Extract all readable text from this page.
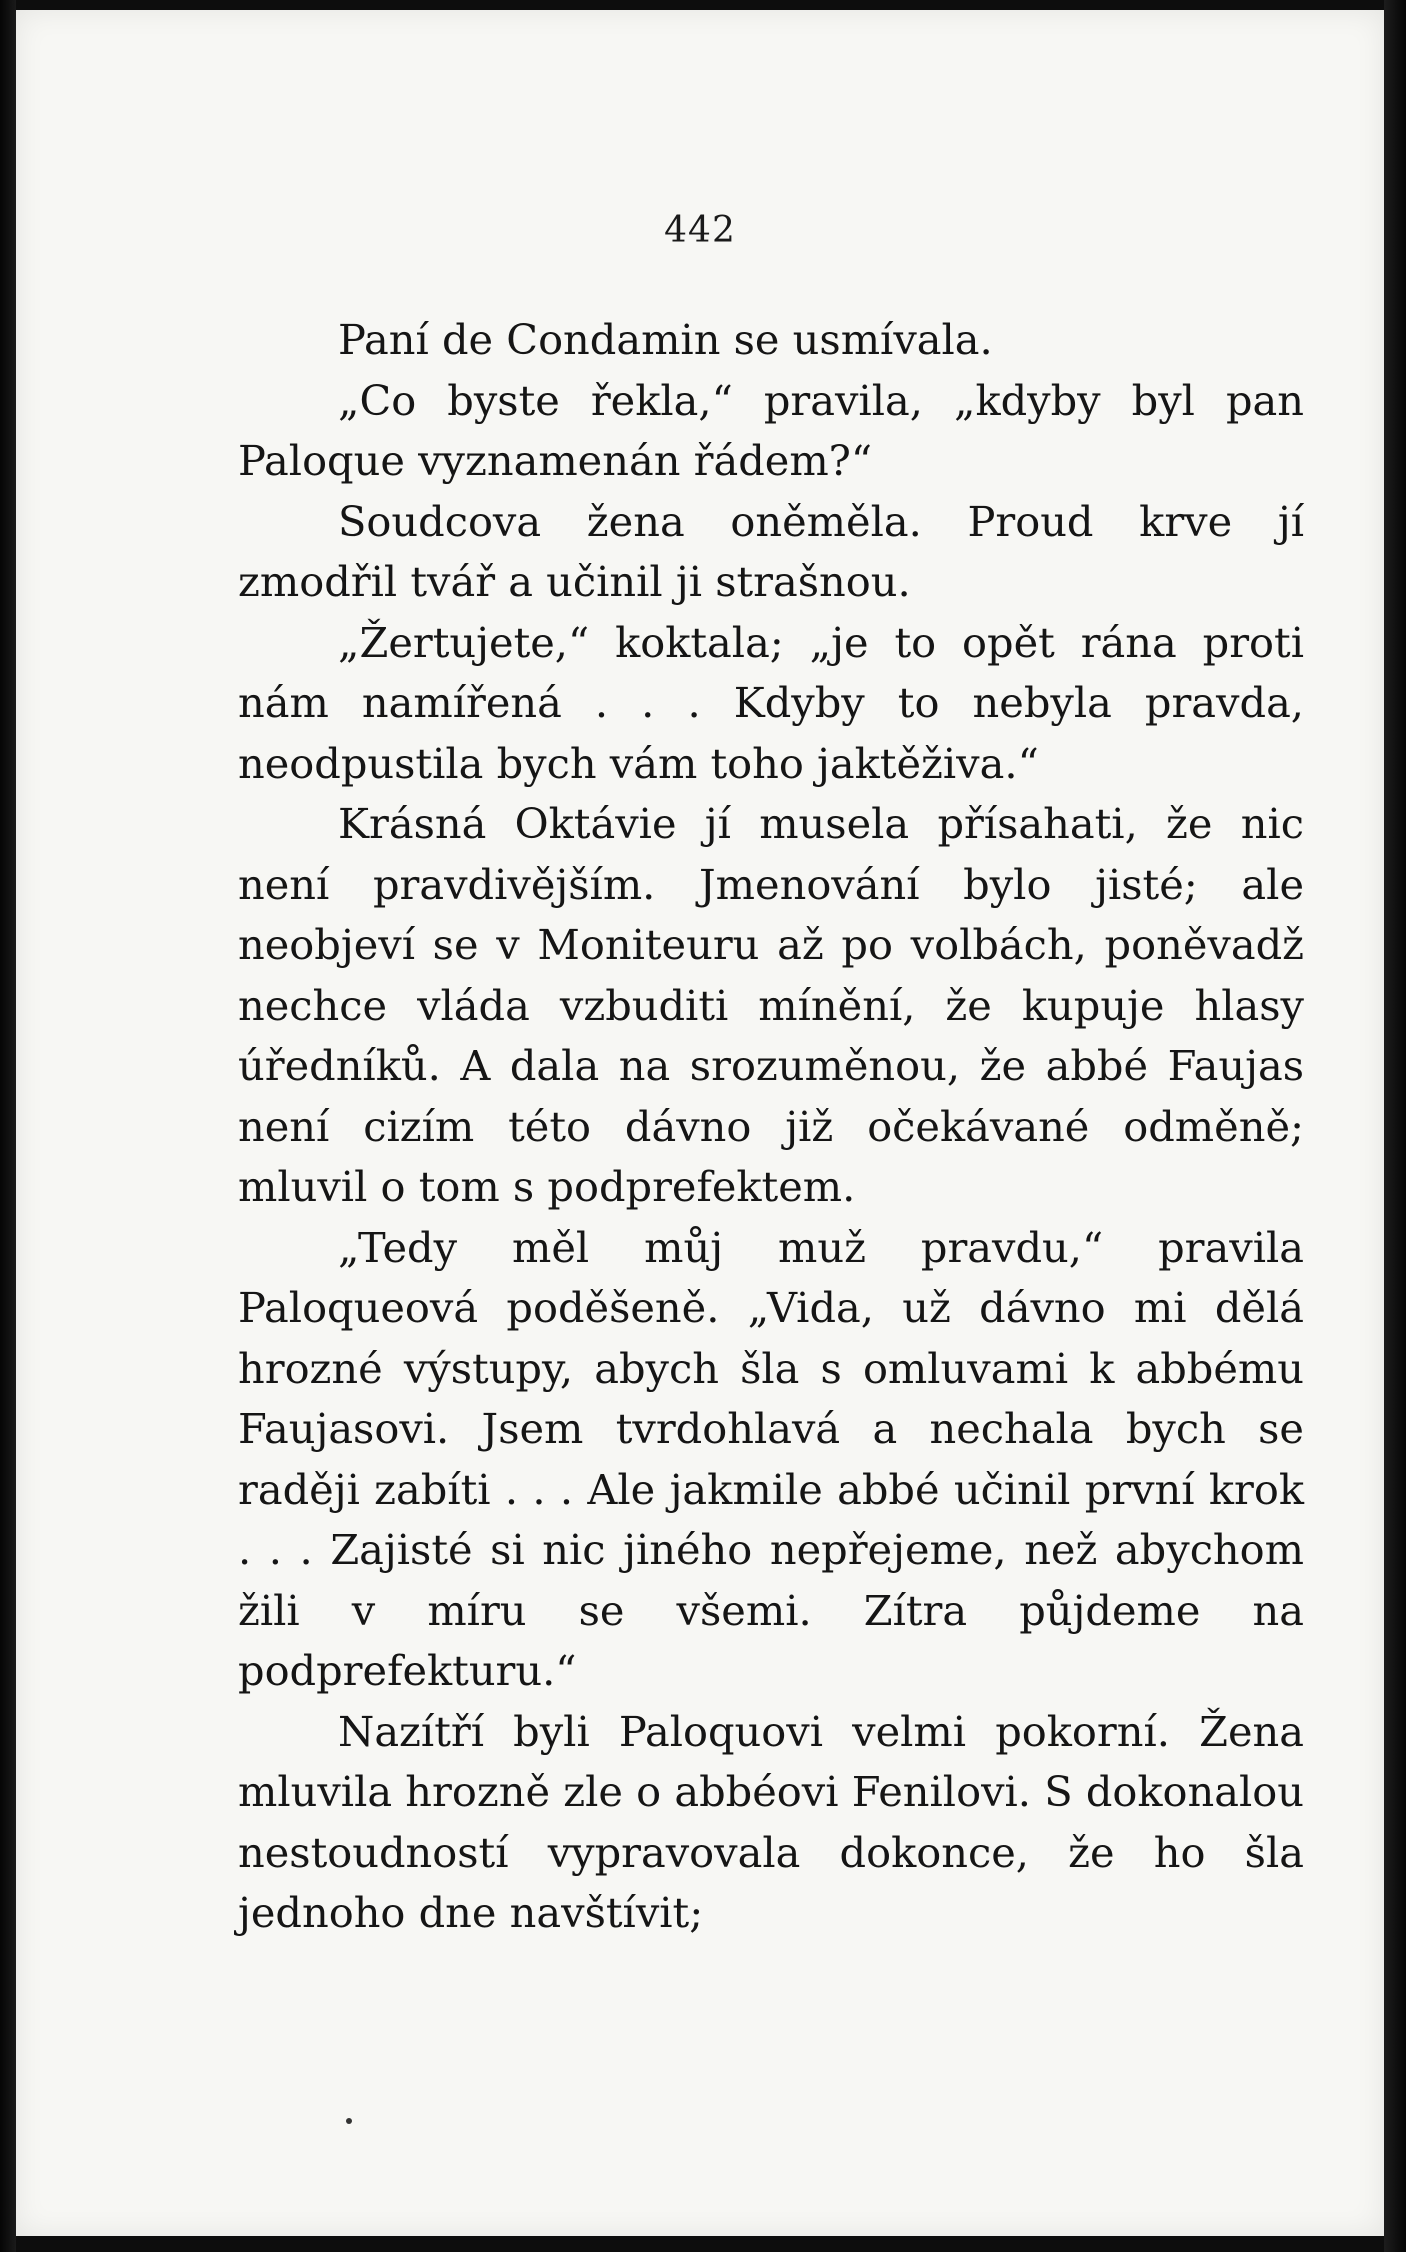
442

Paní de Condamin se usmívala.

„Co byste řekla,“ pravila, „kdyby byl pan Paloque vyznamenán řádem?“

Soudcova žena oněměla. Proud krve jí zmodřil tvář a učinil ji strašnou.

„Žertujete,“ koktala; „je to opět rána proti nám namířená . . . Kdyby to nebyla pravda, neodpustila bych vám toho jaktěživa.“

Krásná Oktávie jí musela přísahati, že nic není pravdivějším. Jmenování bylo jisté; ale neobjeví se v Moniteuru až po volbách, poněvadž nechce vláda vzbuditi mínění, že kupuje hlasy úředníků. A dala na srozuměnou, že abbé Faujas není cizím této dávno již očekávané odměně; mluvil o tom s podprefektem.

„Tedy měl můj muž pravdu,“ pravila Paloqueová poděšeně. „Vida, už dávno mi dělá hrozné výstupy, abych šla s omluvami k abbému Faujasovi. Jsem tvrdohlavá a nechala bych se raději zabíti . . . Ale jakmile abbé učinil první krok . . . Zajisté si nic jiného nepřejeme, než abychom žili v míru se všemi. Zítra půjdeme na podprefekturu.“

Nazítří byli Paloquovi velmi pokorní. Žena mluvila hrozně zle o abbéovi Fenilovi. S dokonalou nestoudností vypravovala dokonce, že ho šla jednoho dne navštívit;
